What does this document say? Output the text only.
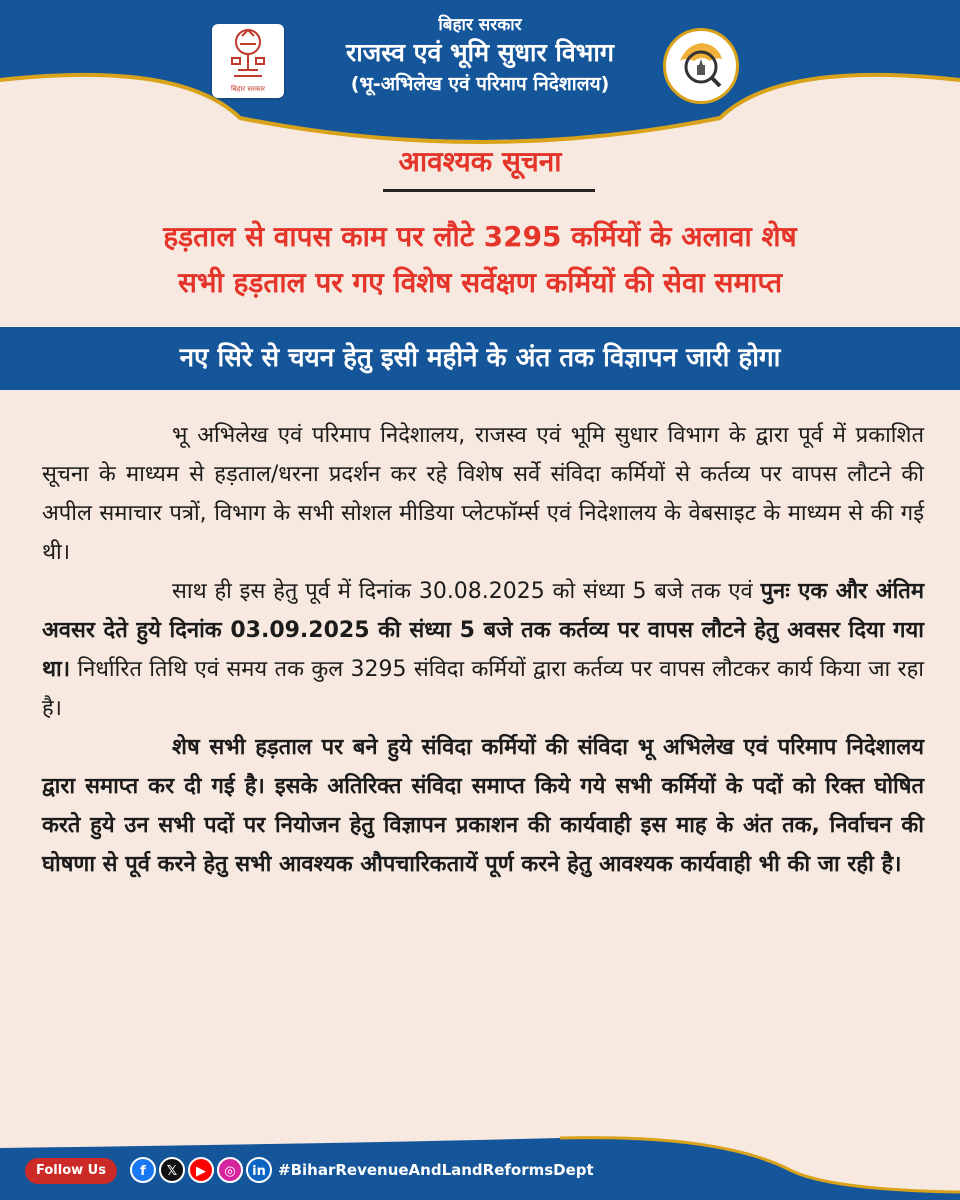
बिहार सरकार
बिहार सरकार
राजस्व एवं भूमि सुधार विभाग
(भू-अभिलेख एवं परिमाप निदेशालय)
आवश्यक सूचना
हड़ताल से वापस काम पर लौटे 3295 कर्मियों के अलावा शेष
सभी हड़ताल पर गए विशेष सर्वेक्षण कर्मियों की सेवा समाप्त
नए सिरे से चयन हेतु इसी महीने के अंत तक विज्ञापन जारी होगा

भू अभिलेख एवं परिमाप निदेशालय, राजस्व एवं भूमि सुधार विभाग के द्वारा पूर्व में प्रकाशित सूचना के माध्यम से हड़ताल/धरना प्रदर्शन कर रहे विशेष सर्वे संविदा कर्मियों से कर्तव्य पर वापस लौटने की अपील समाचार पत्रों, विभाग के सभी सोशल मीडिया प्लेटफॉर्म्स एवं निदेशालय के वेबसाइट के माध्यम से की गई थी।

साथ ही इस हेतु पूर्व में दिनांक 30.08.2025 को संध्या 5 बजे तक एवं पुनः एक और अंतिम अवसर देते हुये दिनांक 03.09.2025 की संध्या 5 बजे तक कर्तव्य पर वापस लौटने हेतु अवसर दिया गया था। निर्धारित तिथि एवं समय तक कुल 3295 संविदा कर्मियों द्वारा कर्तव्य पर वापस लौटकर कार्य किया जा रहा है।

शेष सभी हड़ताल पर बने हुये संविदा कर्मियों की संविदा भू अभिलेख एवं परिमाप निदेशालय द्वारा समाप्त कर दी गई है। इसके अतिरिक्त संविदा समाप्त किये गये सभी कर्मियों के पदों को रिक्त घोषित करते हुये उन सभी पदों पर नियोजन हेतु विज्ञापन प्रकाशन की कार्यवाही इस माह के अंत तक, निर्वाचन की घोषणा से पूर्व करने हेतु सभी आवश्यक औपचारिकतायें पूर्ण करने हेतु आवश्यक कार्यवाही भी की जा रही है।

Follow Us	f	𝕏	▶	◎	in #BiharRevenueAndLandReformsDept
